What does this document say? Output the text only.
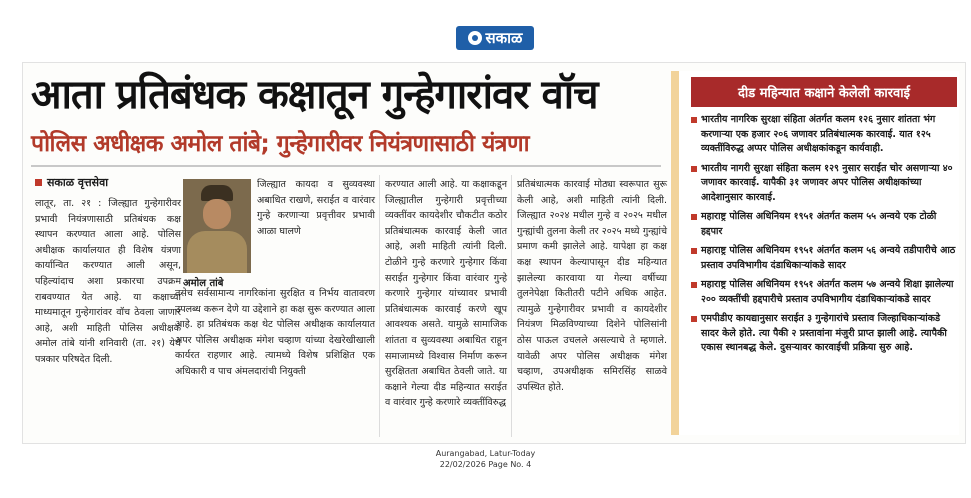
सकाळ
आता प्रतिबंधक कक्षातून गुन्हेगारांवर वॉच
पोलिस अधीक्षक अमोल तांबे; गुन्हेगारीवर नियंत्रणासाठी यंत्रणा
सकाळ वृत्तसेवा
लातूर, ता. २१ : जिल्ह्यात गुन्हेगारीवर प्रभावी नियंत्रणासाठी प्रतिबंधक कक्ष स्थापन करण्यात आला आहे. पोलिस अधीक्षक कार्यालयात ही विशेष यंत्रणा कार्यान्वित करण्यात आली असून, पहिल्यांदाच अशा प्रकारचा उपक्रम राबवण्यात येत आहे. या कक्षाच्या माध्यमातून गुन्हेगारांवर वॉच ठेवला जाणार आहे, अशी माहिती पोलिस अधीक्षक अमोल तांबे यांनी शनिवारी (ता. २१) येथे पत्रकार परिषदेत दिली.
अमोल तांबे
जिल्ह्यात कायदा व सुव्यवस्था अबाधित राखणे, सराईत व वारंवार गुन्हे करणाऱ्या प्रवृत्तीवर प्रभावी आळा घालणे
तसेच सर्वसामान्य नागरिकांना सुरक्षित व निर्भय वातावरण उपलब्ध करून देणे या उद्देशाने हा कक्ष सुरू करण्यात आला आहे. हा प्रतिबंधक कक्ष थेट पोलिस अधीक्षक कार्यालयात अपर पोलिस अधीक्षक मंगेश चव्हाण यांच्या देखरेखीखाली कार्यरत राहणार आहे. त्यामध्ये विशेष प्रशिक्षित एक अधिकारी व पाच अंमलदारांची नियुक्ती
करण्यात आली आहे. या कक्षाकडून जिल्ह्यातील गुन्हेगारी प्रवृत्तीच्या व्यक्तींवर कायदेशीर चौकटीत कठोर प्रतिबंधात्मक कारवाई केली जात आहे, अशी माहिती त्यांनी दिली. टोळीने गुन्हे करणारे गुन्हेगार किंवा सराईत गुन्हेगार किंवा वारंवार गुन्हे करणारे गुन्हेगार यांच्यावर प्रभावी प्रतिबंधात्मक कारवाई करणे खूप आवश्यक असते. यामुळे सामाजिक शांतता व सुव्यवस्था अबाधित राहून समाजामध्ये विश्वास निर्माण करून सुरक्षितता अबाधित ठेवली जाते. या कक्षाने गेल्या दीड महिन्यात सराईत व वारंवार गुन्हे करणारे व्यक्तींविरुद्ध
प्रतिबंधात्मक कारवाई मोठ्या स्वरूपात सुरू केली आहे, अशी माहिती त्यांनी दिली. जिल्ह्यात २०२४ मधील गुन्हे व २०२५ मधील गुन्ह्यांची तुलना केली तर २०२५ मध्ये गुन्ह्यांचे प्रमाण कमी झालेले आहे. यापेक्षा हा कक्ष कक्ष स्थापन केल्यापासून दीड महिन्यात झालेल्या कारवाया या गेल्या वर्षीच्या तुलनेपेक्षा कितीतरी पटीने अधिक आहेत. त्यामुळे गुन्हेगारीवर प्रभावी व कायदेशीर नियंत्रण मिळविण्याच्या दिशेने पोलिसांनी ठोस पाऊल उचलले असल्याचे ते म्हणाले. यावेळी अपर पोलिस अधीक्षक मंगेश चव्हाण, उपअधीक्षक समिरसिंह साळवे उपस्थित होते.
दीड महिन्यात कक्षाने केलेली कारवाई
भारतीय नागरिक सुरक्षा संहिता अंतर्गत कलम १२६ नुसार शांतता भंग करणाऱ्या एक हजार २०६ जणावर प्रतिबंधात्मक कारवाई. यात १२५ व्यक्तींविरुद्ध अप्पर पोलिस अधीक्षकांकडून कार्यवाही.
भारतीय नागरी सुरक्षा संहिता कलम १२९ नुसार सराईत चोर असणाऱ्या ४० जणावर कारवाई. यापैकी ३१ जणावर अपर पोलिस अधीक्षकांच्या आदेशानुसार कारवाई.
महाराष्ट्र पोलिस अधिनियम १९५१ अंतर्गत कलम ५५ अन्वये एक टोळी हद्दपार
महाराष्ट्र पोलिस अधिनियम १९५१ अंतर्गत कलम ५६ अन्वये तडीपारीचे आठ प्रस्ताव उपविभागीय दंडाधिकाऱ्यांकडे सादर
महाराष्ट्र पोलिस अधिनियम १९५१ अंतर्गत कलम ५७ अन्वये शिक्षा झालेल्या २०० व्यक्तींची हद्दपारीचे प्रस्ताव उपविभागीय दंडाधिकाऱ्यांकडे सादर
एमपीडीए कायद्यानुसार सराईत ३ गुन्हेगारांचे प्रस्ताव जिल्हाधिकाऱ्यांकडे सादर केले होते. त्या पैकी २ प्रस्तावांना मंजुरी प्राप्त झाली आहे. त्यापैकी एकास स्थानबद्ध केले. दुसऱ्यावर कारवाईची प्रक्रिया सुरु आहे.
Aurangabad, Latur-Today
22/02/2026 Page No. 4
